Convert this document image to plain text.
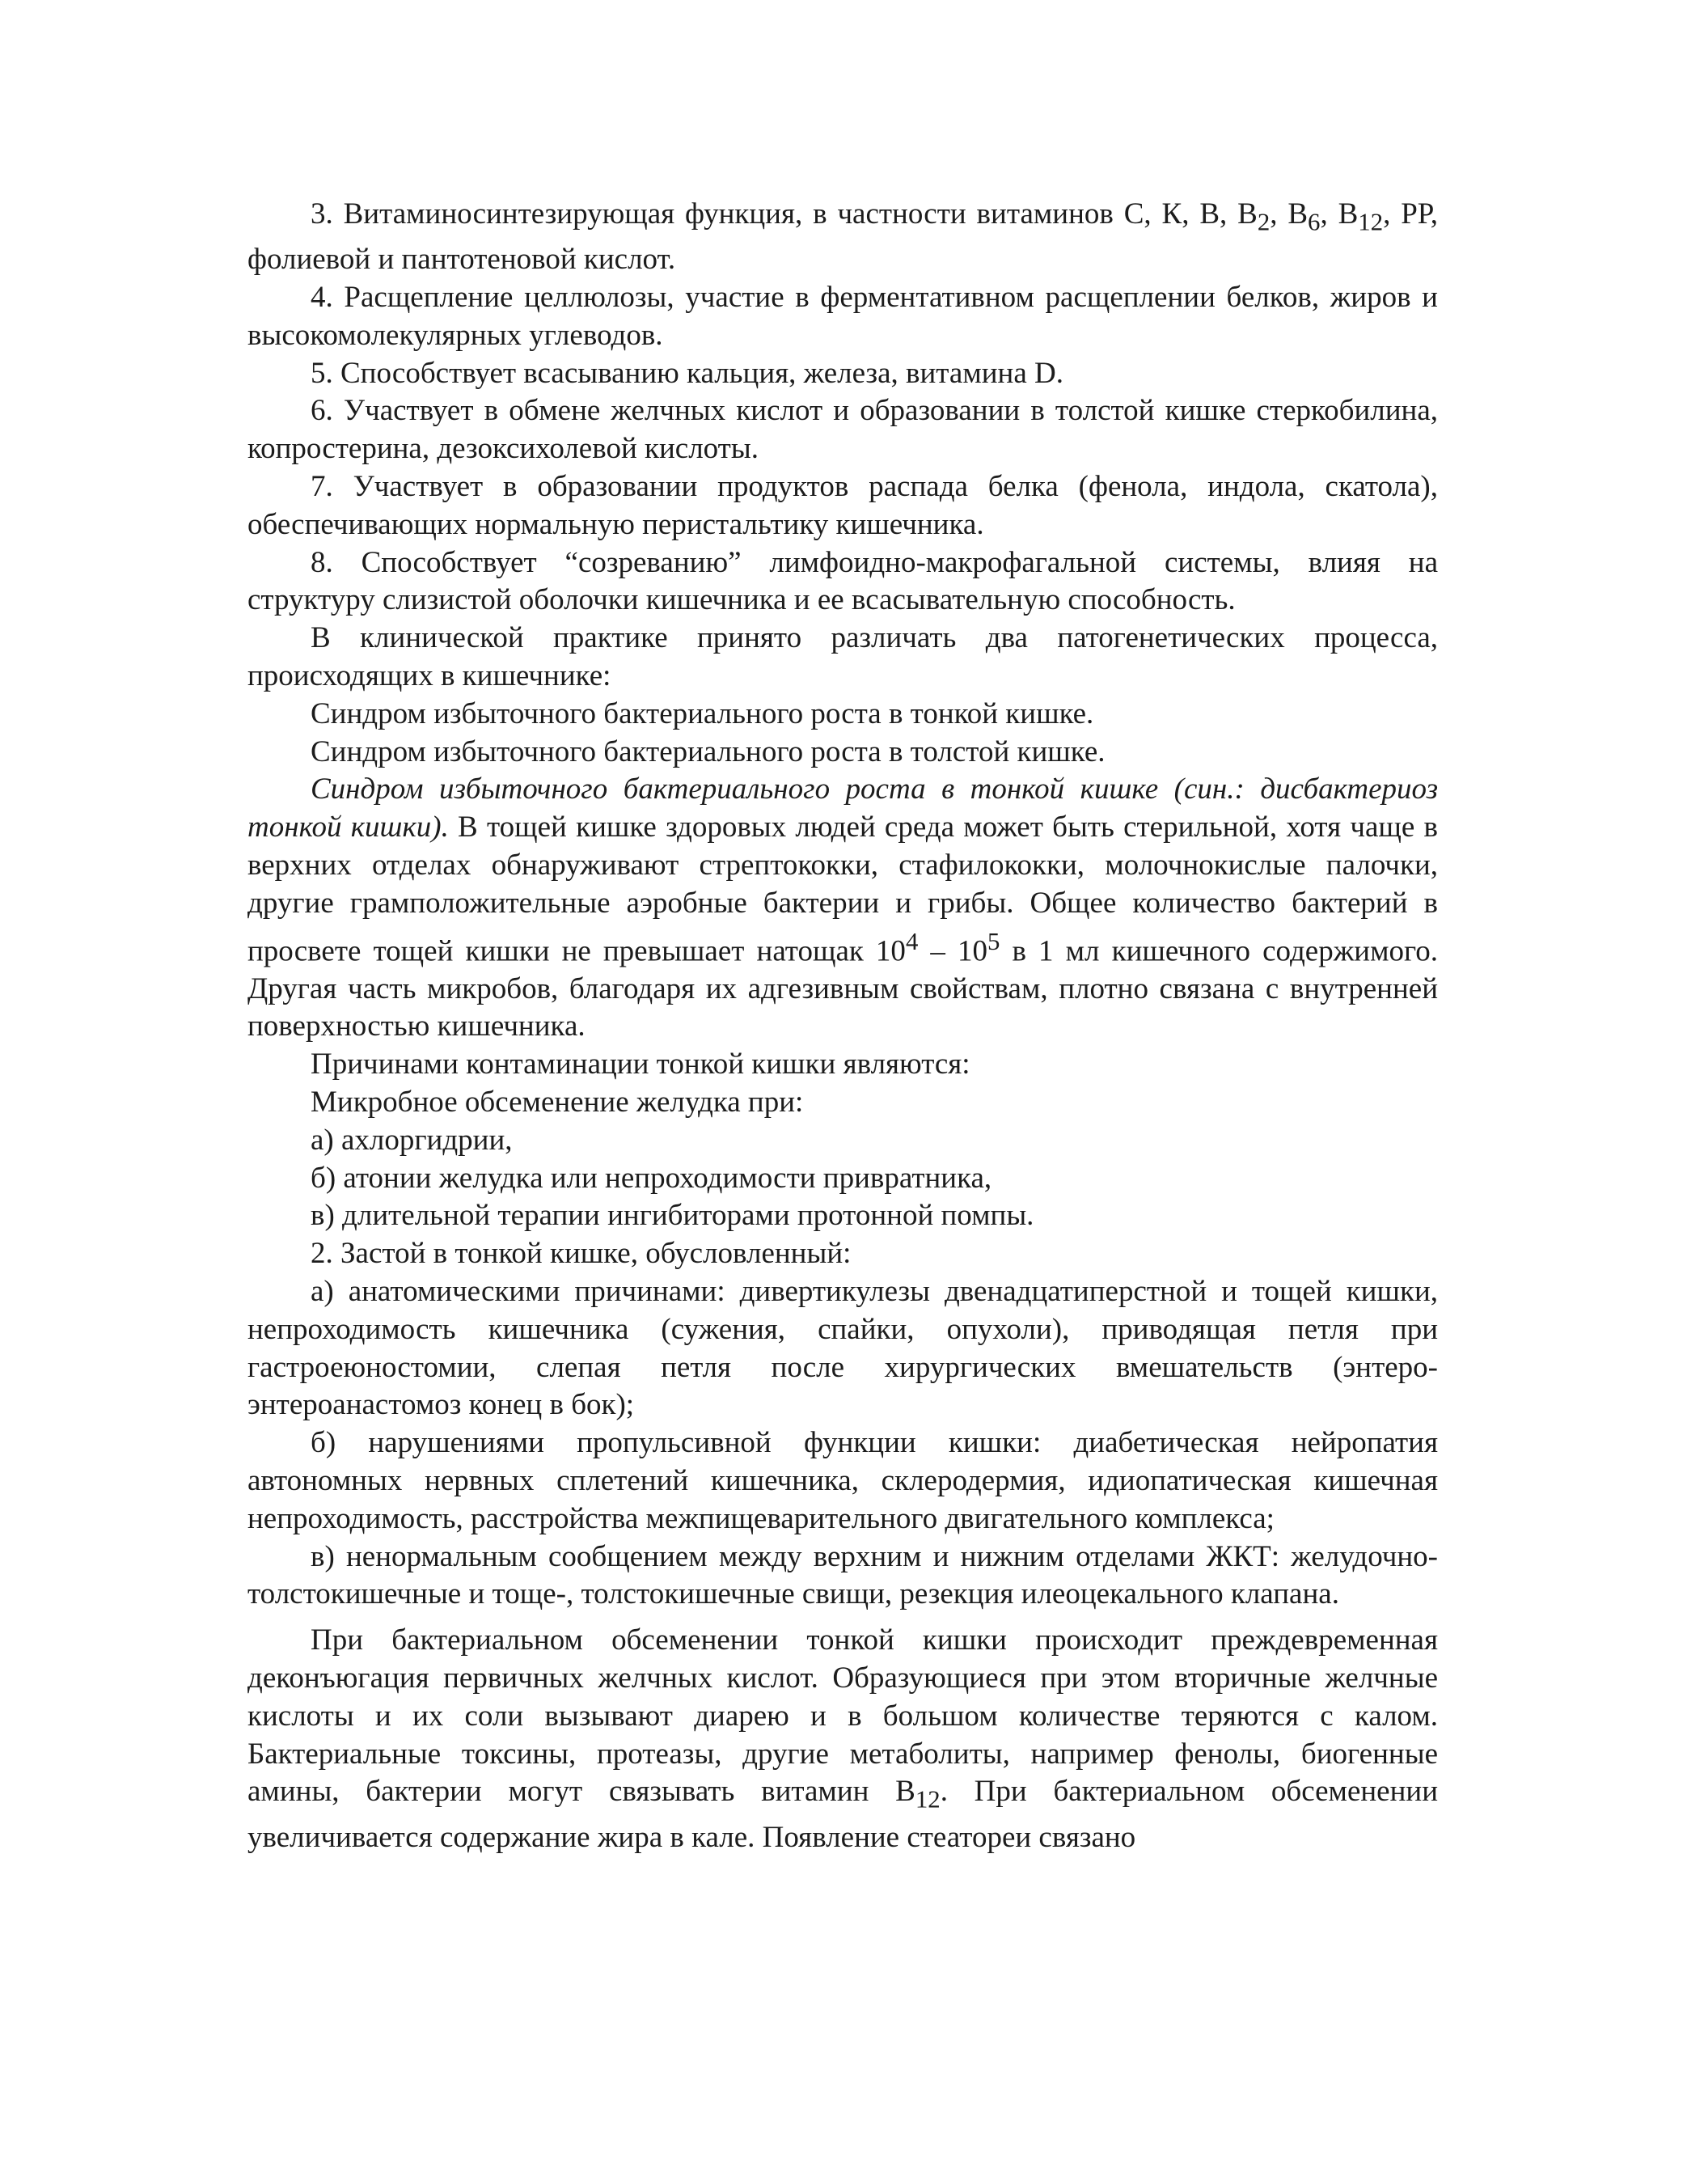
3. Витаминосинтезирующая функция, в частности витаминов С, К, В, $В_2$, $В_6$, $В_{12}$, РР, фолиевой и пантотеновой кислот.

4. Расщепление целлюлозы, участие в ферментативном расщеплении белков, жиров и высокомолекулярных углеводов.

5. Способствует всасыванию кальция, железа, витамина D.

6. Участвует в обмене желчных кислот и образовании в толстой кишке стеркобилина, копростерина, дезоксихолевой кислоты.

7. Участвует в образовании продуктов распада белка (фенола, индола, скатола), обеспечивающих нормальную перистальтику кишечника.

8. Способствует “созреванию” лимфоидно-макрофагальной системы, влияя на структуру слизистой оболочки кишечника и ее всасывательную способность.

В клинической практике принято различать два патогенетических процесса, происходящих в кишечнике:

Синдром избыточного бактериального роста в тонкой кишке.

Синдром избыточного бактериального роста в толстой кишке.

Синдром избыточного бактериального роста в тонкой кишке (син.: дисбактериоз тонкой кишки). В тощей кишке здоровых людей среда может быть стерильной, хотя чаще в верхних отделах обнаруживают стрептококки, стафилококки, молочнокислые палочки, другие грамположительные аэробные бактерии и грибы. Общее количество бактерий в просвете тощей кишки не превышает натощак $10^4 - 10^5$ в 1 мл кишечного содержимого. Другая часть микробов, благодаря их адгезивным свойствам, плотно связана с внутренней поверхностью кишечника.

Причинами контаминации тонкой кишки являются:

Микробное обсеменение желудка при:

а) ахлоргидрии,

б) атонии желудка или непроходимости привратника,

в) длительной терапии ингибиторами протонной помпы.

2. Застой в тонкой кишке, обусловленный:

а) анатомическими причинами: дивертикулезы двенадцатиперстной и тощей кишки, непроходимость кишечника (сужения, спайки, опухоли), приводящая петля при гастроеюностомии, слепая петля после хирургических вмешательств (энтеро-энтероанастомоз конец в бок);

б) нарушениями пропульсивной функции кишки: диабетическая нейропатия автономных нервных сплетений кишечника, склеродермия, идиопатическая кишечная непроходимость, расстройства межпищеварительного двигательного комплекса;

в) ненормальным сообщением между верхним и нижним отделами ЖКТ: желудочно-толстокишечные и тоще-, толстокишечные свищи, резекция илеоцекального клапана.

При бактериальном обсеменении тонкой кишки происходит преждевременная деконъюгация первичных желчных кислот. Образующиеся при этом вторичные желчные кислоты и их соли вызывают диарею и в большом количестве теряются с калом. Бактериальные токсины, протеазы, другие метаболиты, например фенолы, биогенные амины, бактерии могут связывать витамин $В_{12}$. При бактериальном обсеменении увеличивается содержание жира в кале. Появление стеатореи связано
